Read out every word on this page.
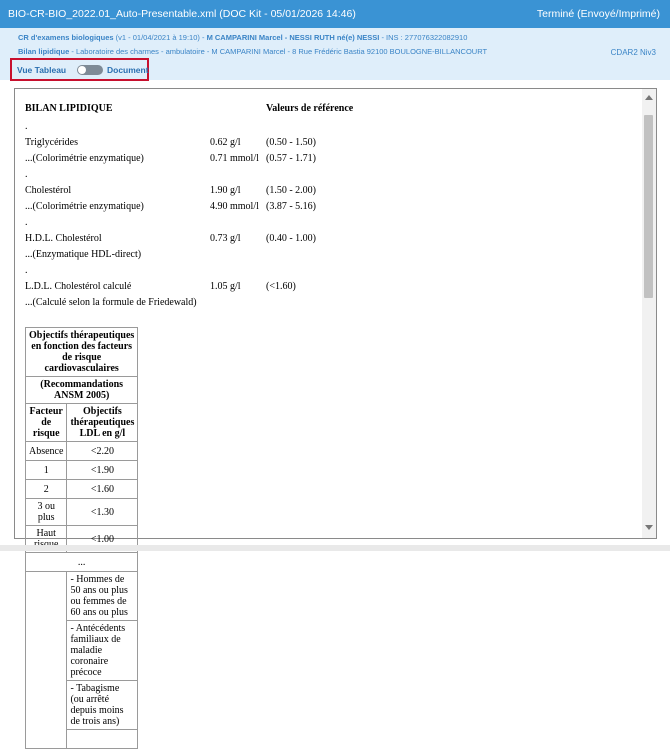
BIO-CR-BIO_2022.01_Auto-Presentable.xml (DOC Kit - 05/01/2026 14:46)	Terminé (Envoyé/Imprimé)
CR d'examens biologiques (v1 - 01/04/2021 à 19:10) - M CAMPARINI Marcel - NESSI RUTH né(e) NESSI - INS : 277076322082910
Bilan lipidique - Laboratoire des charmes - ambulatoire - M CAMPARINI Marcel - 8 Rue Frédéric Bastia 92100 BOULOGNE-BILLANCOURT	CDAR2 Niv3
Vue Tableau	Document
BILAN LIPIDIQUE	Valeurs de référence
.
Triglycérides	0.62 g/l	(0.50 - 1.50)
...(Colorimétrie enzymatique)	0.71 mmol/l (0.57 - 1.71)
.
Cholestérol	1.90 g/l	(1.50 - 2.00)
...(Colorimétrie enzymatique)	4.90 mmol/l (3.87 - 5.16)
.
H.D.L. Cholestérol	0.73 g/l	(0.40 - 1.00)
...(Enzymatique HDL-direct)
.
L.D.L. Cholestérol calculé	1.05 g/l	(<1.60)
...(Calculé selon la formule de Friedewald)
Objectifs thérapeutiques en fonction des facteurs de risque cardiovasculaires	
(Recommandations ANSM 2005)	
Facteur de risque	Objectifs thérapeutiques LDL en g/l
Absence	<2.20
1	<1.90
2	<1.60
3 ou plus	<1.30
Haut	<1.00
...	
	- Hommes de 50 ans ou plus ou femmes de 60 ans ou plus
	- Antécédents familiaux de maladie coronaire précoce
	- Tabagisme (ou arrêté depuis moins de trois ans)
